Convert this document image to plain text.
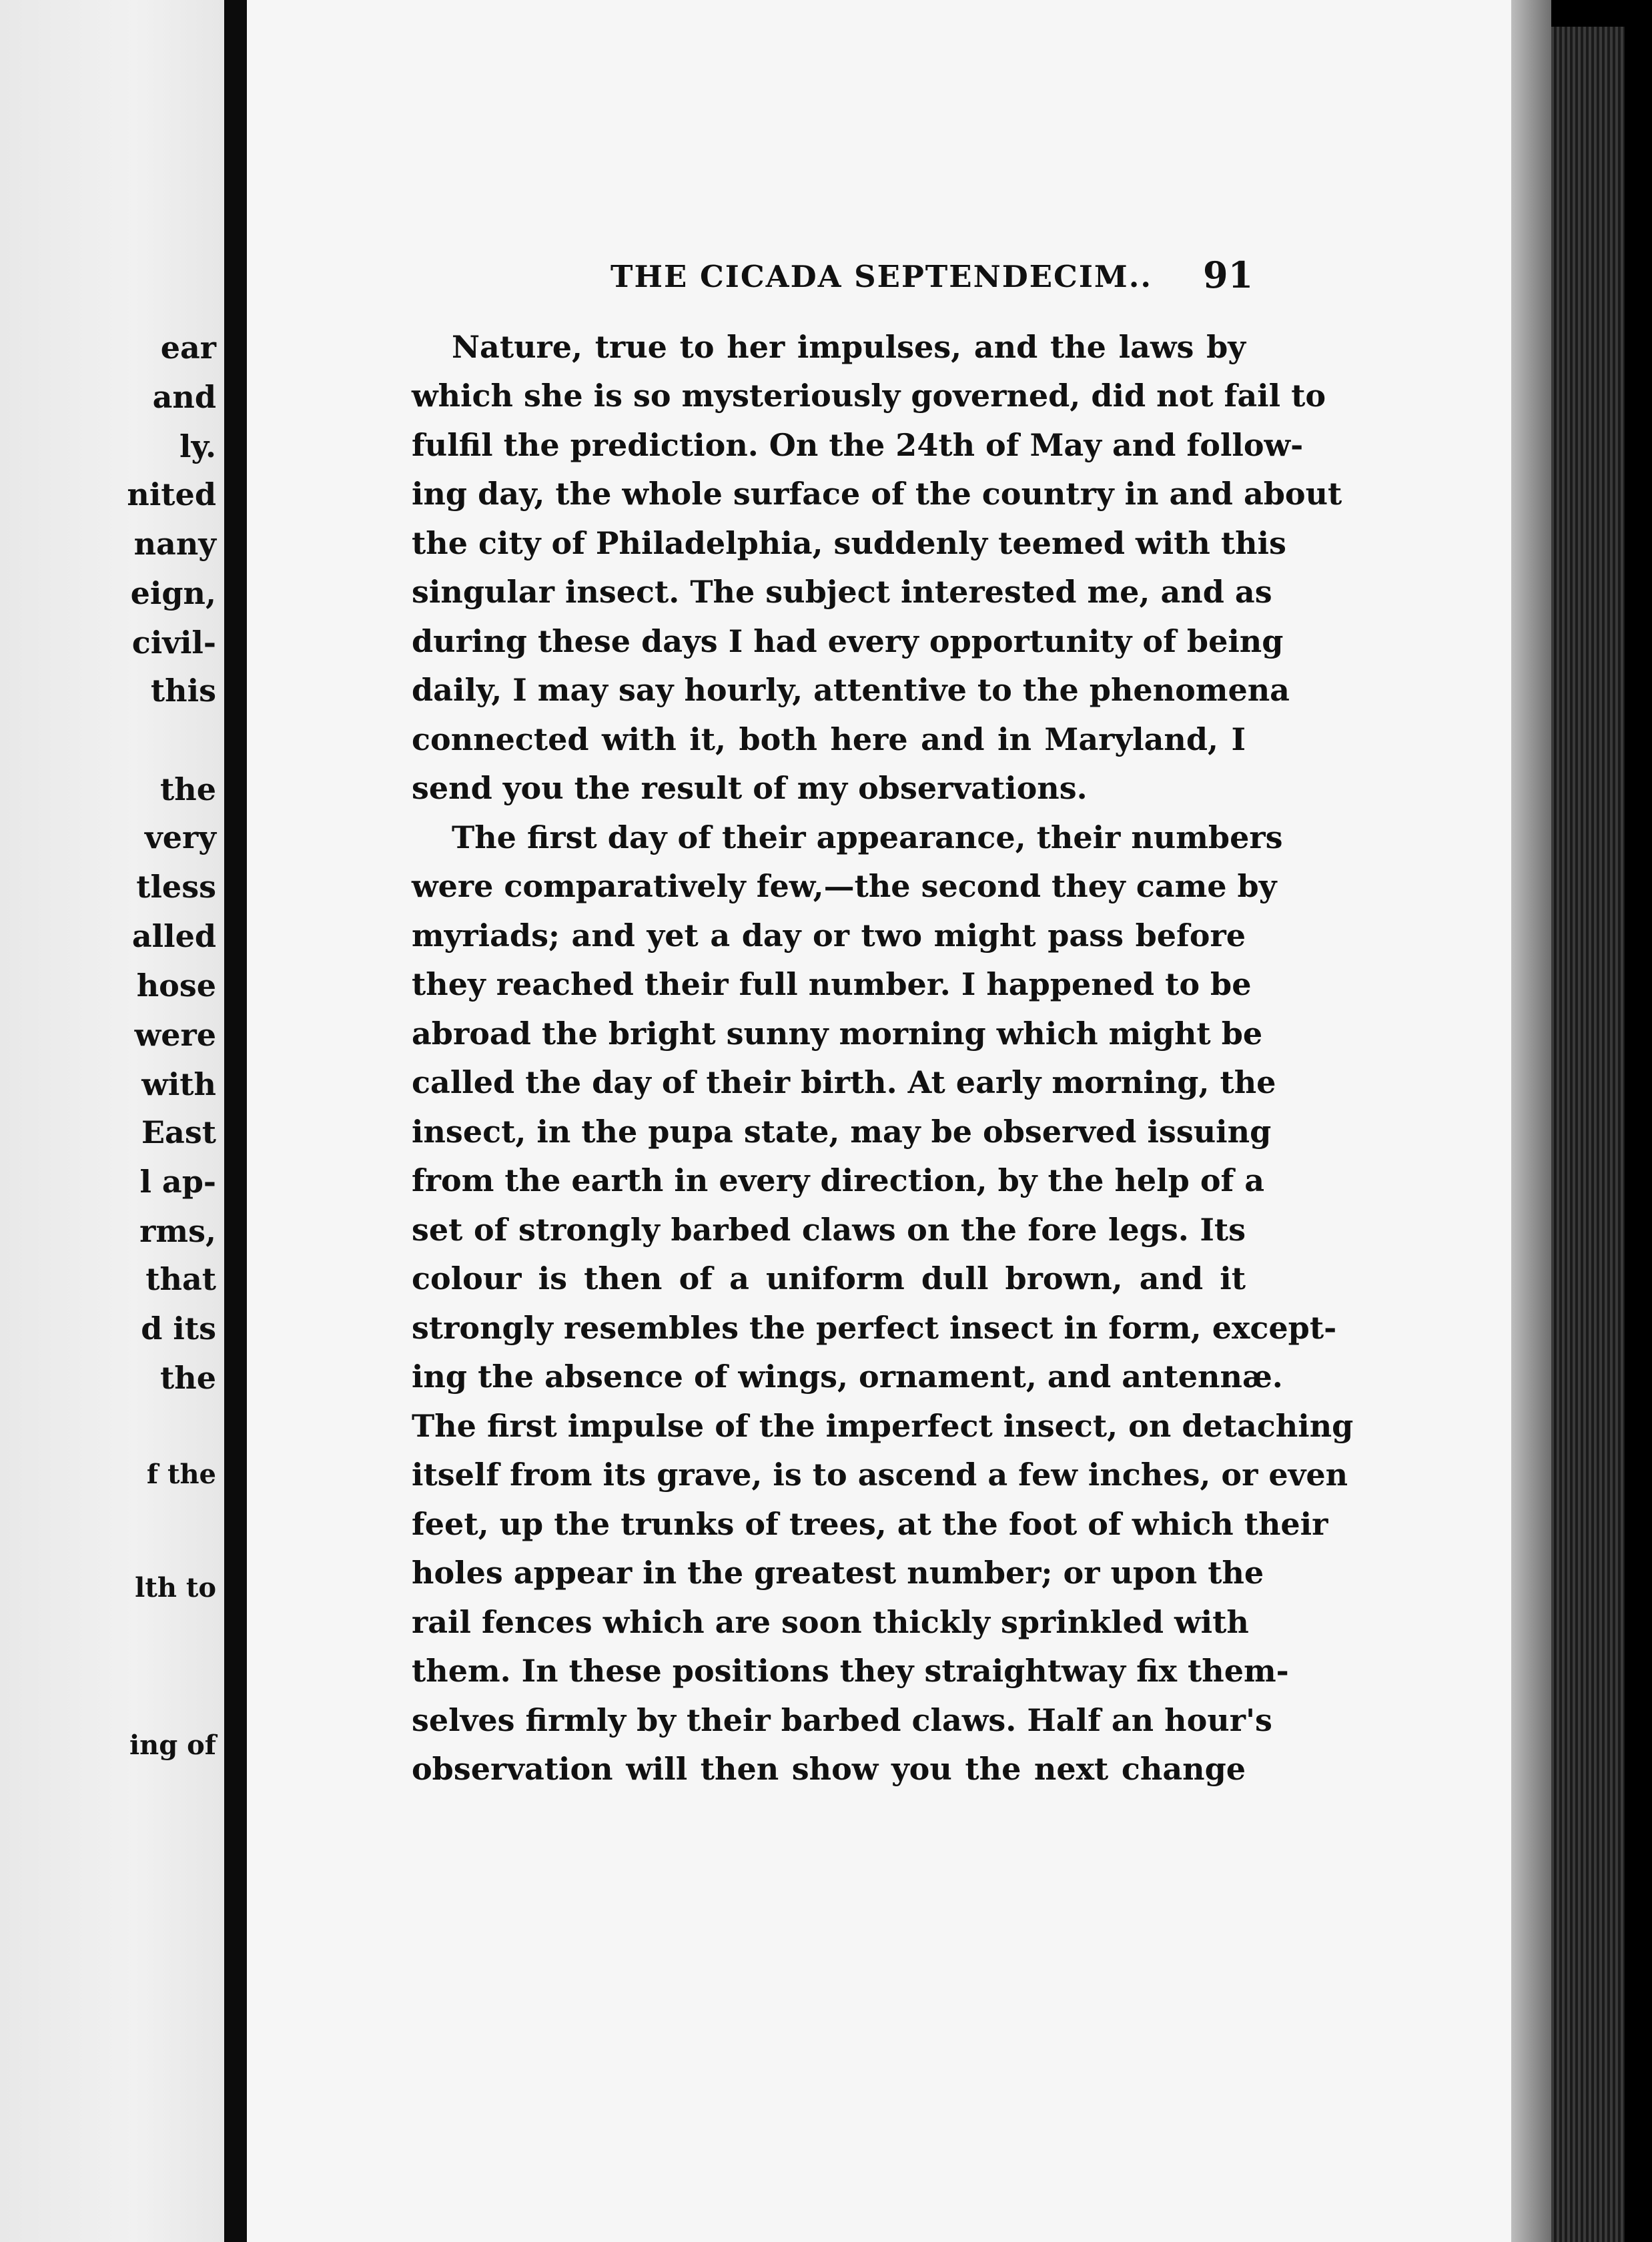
ear
and
ly.
nited
nany
eign,
civil-
this
the
very
tless
alled
hose
were
with
East
l ap-
rms,
that
d its
the
f the
lth to
ing of
THE CICADA SEPTENDECIM.. 91
Nature, true to her impulses, and the laws by
which she is so mysteriously governed, did not fail to
fulfil the prediction. On the 24th of May and follow-
ing day, the whole surface of the country in and about
the city of Philadelphia, suddenly teemed with this
singular insect. The subject interested me, and as
during these days I had every opportunity of being
daily, I may say hourly, attentive to the phenomena
connected with it, both here and in Maryland, I
send you the result of my observations.
The first day of their appearance, their numbers
were comparatively few,—the second they came by
myriads; and yet a day or two might pass before
they reached their full number. I happened to be
abroad the bright sunny morning which might be
called the day of their birth. At early morning, the
insect, in the pupa state, may be observed issuing
from the earth in every direction, by the help of a
set of strongly barbed claws on the fore legs. Its
colour is then of a uniform dull brown, and it
strongly resembles the perfect insect in form, except-
ing the absence of wings, ornament, and antennæ.
The first impulse of the imperfect insect, on detaching
itself from its grave, is to ascend a few inches, or even
feet, up the trunks of trees, at the foot of which their
holes appear in the greatest number; or upon the
rail fences which are soon thickly sprinkled with
them. In these positions they straightway fix them-
selves firmly by their barbed claws. Half an hour's
observation will then show you the next change
